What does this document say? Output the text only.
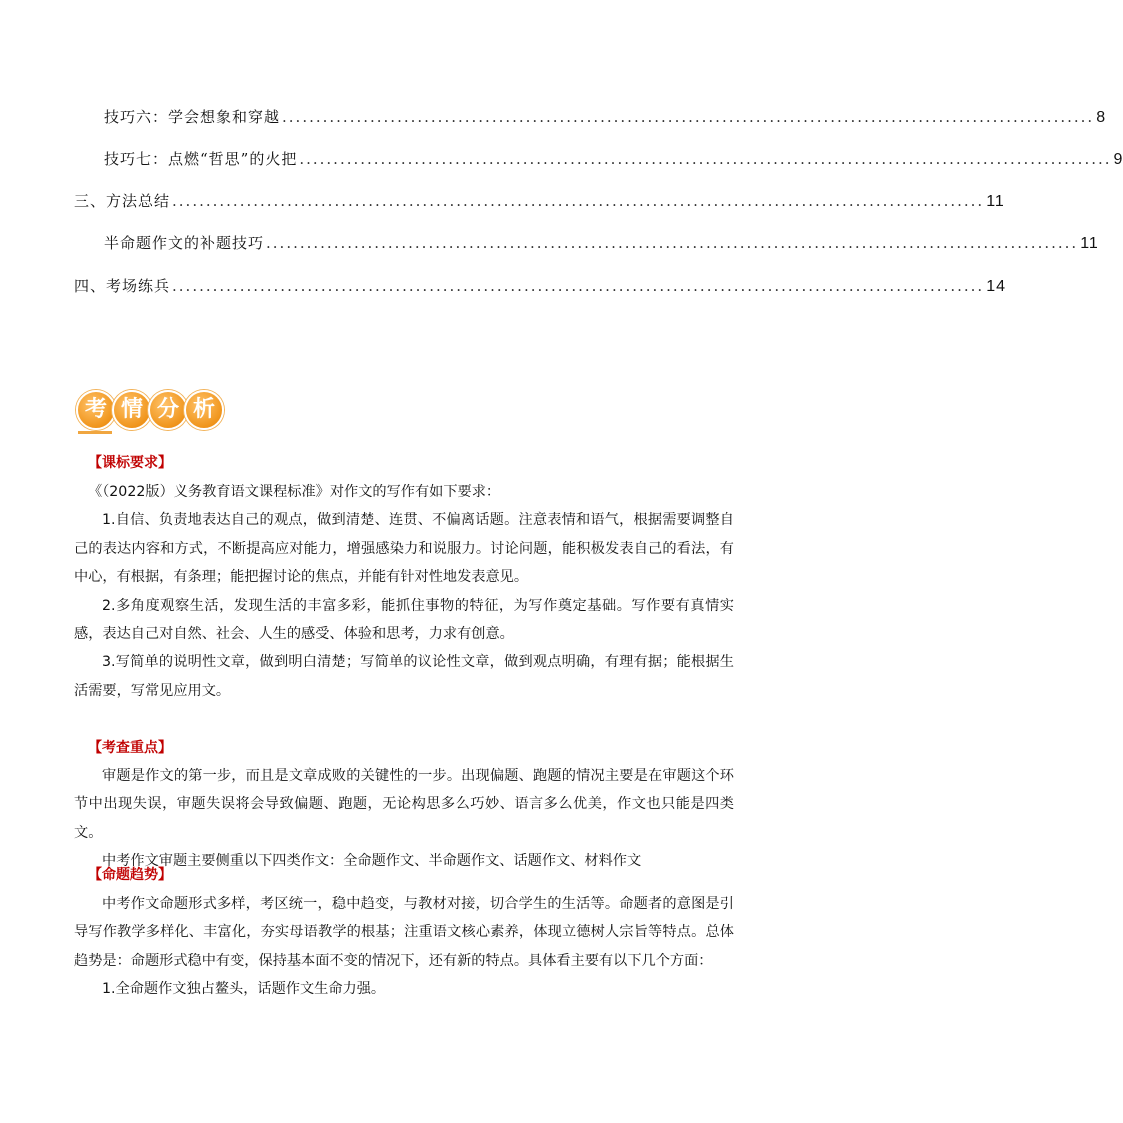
技巧六：学会想象和穿越 ........................................................................................................................ 8
技巧七：点燃“哲思”的火把 ........................................................................................................................ 9
三、方法总结 ........................................................................................................................ 11
半命题作文的补题技巧 ........................................................................................................................ 11
四、考场练兵 ........................................................................................................................ 14
考 情 分 析
【课标要求】

《（2022版）义务教育语文课程标准》对作文的写作有如下要求：

1.自信、负责地表达自己的观点，做到清楚、连贯、不偏离话题。注意表情和语气，根据需要调整自己的表达内容和方式，不断提高应对能力，增强感染力和说服力。讨论问题，能积极发表自己的看法，有中心，有根据，有条理；能把握讨论的焦点，并能有针对性地发表意见。

2.多角度观察生活，发现生活的丰富多彩，能抓住事物的特征，为写作奠定基础。写作要有真情实感，表达自己对自然、社会、人生的感受、体验和思考，力求有创意。

3.写简单的说明性文章，做到明白清楚；写简单的议论性文章，做到观点明确，有理有据；能根据生活需要，写常见应用文。

【考查重点】

审题是作文的第一步，而且是文章成败的关键性的一步。出现偏题、跑题的情况主要是在审题这个环节中出现失误，审题失误将会导致偏题、跑题，无论构思多么巧妙、语言多么优美，作文也只能是四类文。

中考作文审题主要侧重以下四类作文：全命题作文、半命题作文、话题作文、材料作文

【命题趋势】

中考作文命题形式多样，考区统一，稳中趋变，与教材对接，切合学生的生活等。命题者的意图是引导写作教学多样化、丰富化，夯实母语教学的根基；注重语文核心素养，体现立德树人宗旨等特点。总体趋势是：命题形式稳中有变，保持基本面不变的情况下，还有新的特点。具体看主要有以下几个方面：

1.全命题作文独占鳌头，话题作文生命力强。
